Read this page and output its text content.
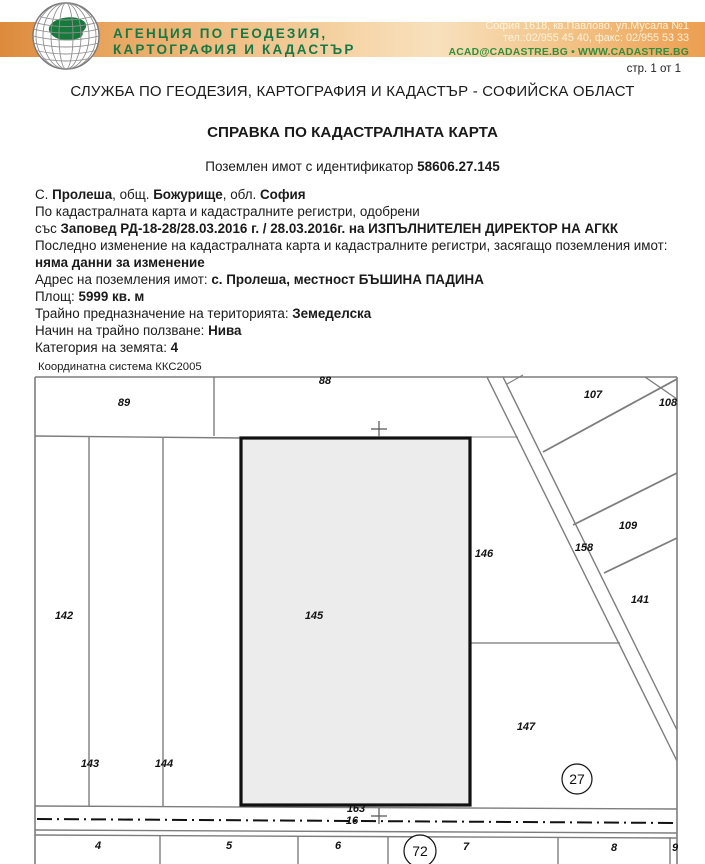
89
88
107
108
109
158
146
141
142	145
143	144
147
163
16
4	5	6	7	8	9
27
72
АГЕНЦИЯ ПО ГЕОДЕЗИЯ,
КАРТОГРАФИЯ И КАДАСТЪР
София 1618, кв.Павлово, ул.Мусала №1
тел.:02/955 45 40, факс: 02/955 53 33
ACAD@CADASTRE.BG • WWW.CADASTRE.BG
стр. 1 от 1
СЛУЖБА ПО ГЕОДЕЗИЯ, КАРТОГРАФИЯ И КАДАСТЪР - СОФИЙСКА ОБЛАСТ
СПРАВКА ПО КАДАСТРАЛНАТА КАРТА
Поземлен имот с идентификатор 58606.27.145
С. Пролеша, общ. Божурище, обл. София
По кадастралната карта и кадастралните регистри, одобрени
със Заповед РД-18-28/28.03.2016 г. / 28.03.2016г. на ИЗПЪЛНИТЕЛЕН ДИРЕКТОР НА АГКК
Последно изменение на кадастралната карта и кадастралните регистри, засягащо поземления имот:
няма данни за изменение
Адрес на поземления имот: с. Пролеша, местност БЪШИНА ПАДИНА
Площ: 5999 кв. м
Трайно предназначение на територията: Земеделска
Начин на трайно ползване: Нива
Категория на земята: 4
Координатна система ККС2005
